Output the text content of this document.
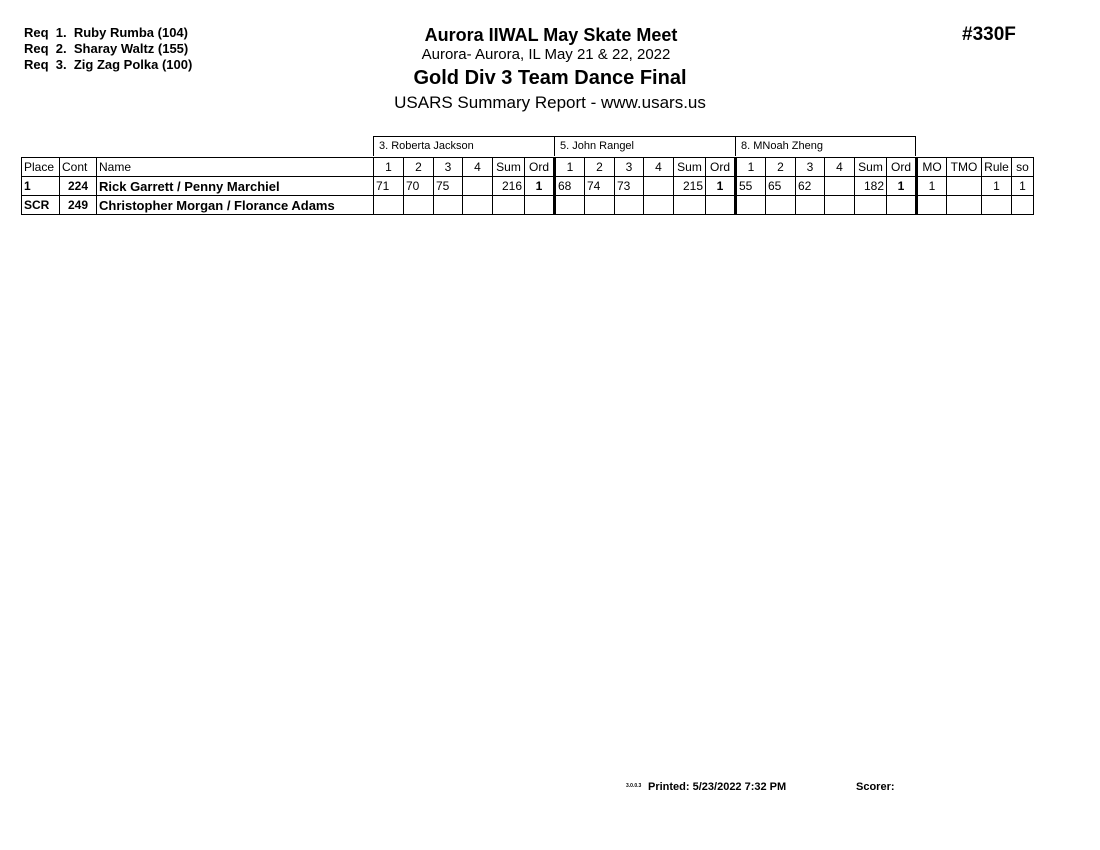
Req  1.  Ruby Rumba (104)
Req  2.  Sharay Waltz (155)
Req  3.  Zig Zag Polka (100)
Aurora IIWAL May Skate Meet
Aurora- Aurora, IL May 21 & 22, 2022
Gold Div 3 Team Dance Final
USARS Summary Report - www.usars.us
#330F
3. Roberta Jackson	5. John Rangel	8. MNoah Zheng
Place	Cont	Name	1	2	3	4	Sum	Ord	1	2	3	4	Sum	Ord	1	2	3	4	Sum	Ord	MO	TMO	Rule	so
1	224	Rick Garrett / Penny Marchiel	71	70	75		216	1	68	74	73		215	1	55	65	62		182	1	1		1	1
SCR	249	Christopher Morgan / Florance Adams																						
3.0.0.3 Printed: 5/23/2022 7:32 PM	Scorer:
